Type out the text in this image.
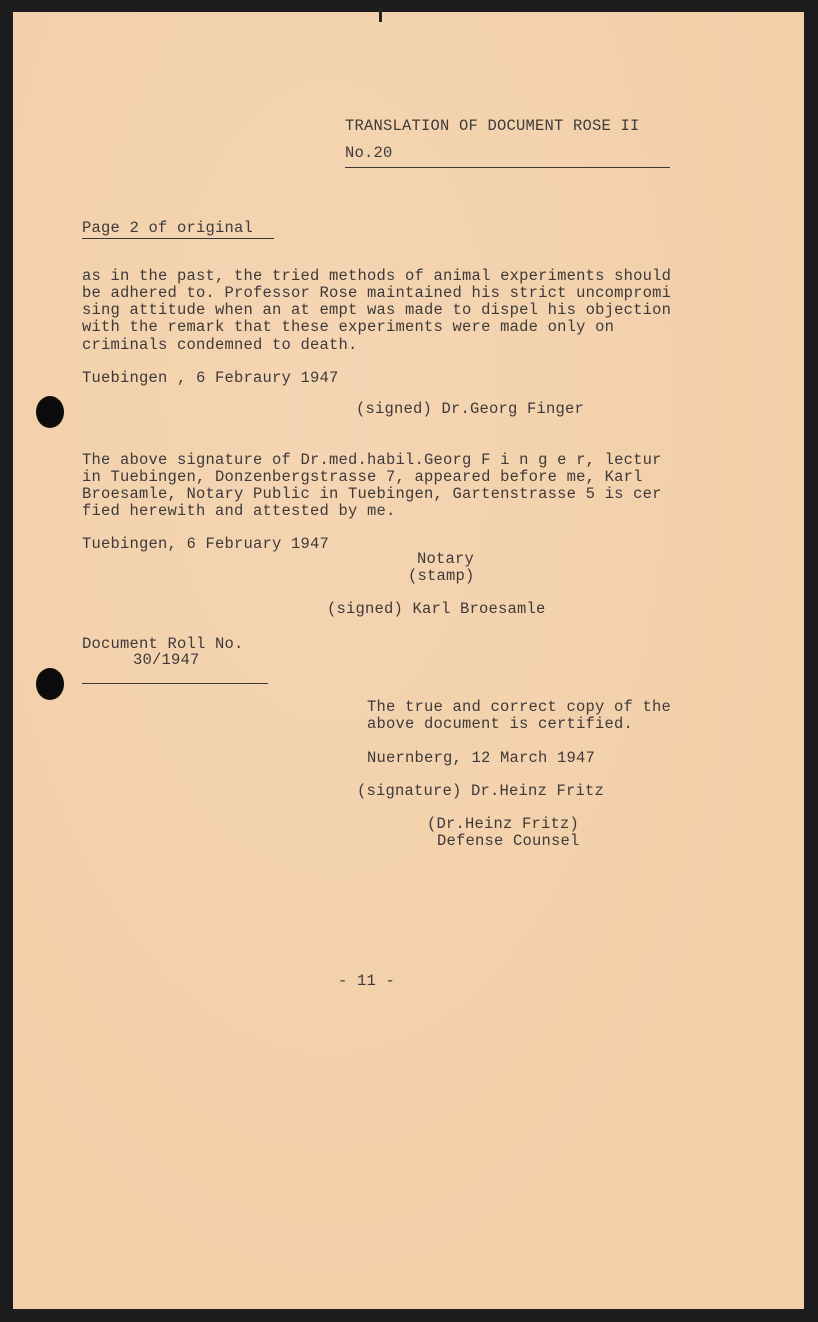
TRANSLATION OF DOCUMENT ROSE II

No.20

Page 2 of original

as in the past, the tried methods of animal experiments should

be adhered to. Professor Rose maintained his strict uncompromi

sing attitude when an at empt was made to dispel his objection

with the remark that these experiments were made only on

criminals condemned to death.

Tuebingen , 6 Febraury 1947

(signed) Dr.Georg Finger

The above signature of Dr.med.habil.Georg F i n g e r, lectur

in Tuebingen, Donzenbergstrasse 7, appeared before me, Karl

Broesamle, Notary Public in Tuebingen, Gartenstrasse 5 is cer

fied herewith and attested by me.

Tuebingen, 6 February 1947

Notary

(stamp)

(signed) Karl Broesamle

Document Roll No.

30/1947

The true and correct copy of the

above document is certified.

Nuernberg, 12 March 1947

(signature) Dr.Heinz Fritz

(Dr.Heinz Fritz)

Defense Counsel

- 11 -
